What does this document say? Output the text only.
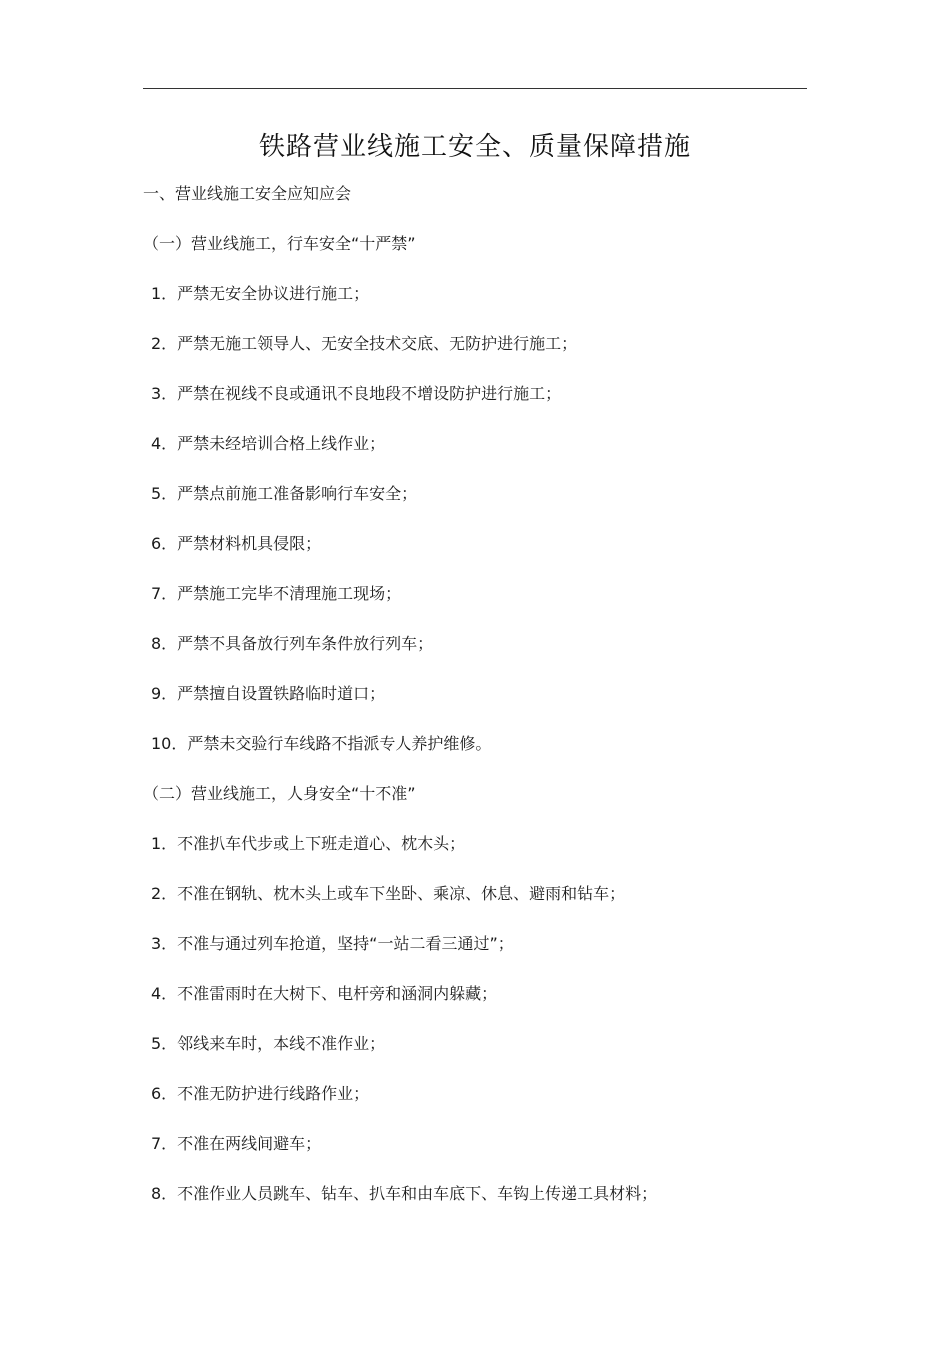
铁路营业线施工安全、质量保障措施
一、营业线施工安全应知应会
（一）营业线施工，行车安全“十严禁”
1．严禁无安全协议进行施工；
2．严禁无施工领导人、无安全技术交底、无防护进行施工；
3．严禁在视线不良或通讯不良地段不增设防护进行施工；
4．严禁未经培训合格上线作业；
5．严禁点前施工准备影响行车安全；
6．严禁材料机具侵限；
7．严禁施工完毕不清理施工现场；
8．严禁不具备放行列车条件放行列车；
9．严禁擅自设置铁路临时道口；
10．严禁未交验行车线路不指派专人养护维修。
（二）营业线施工，人身安全“十不准”
1．不准扒车代步或上下班走道心、枕木头；
2．不准在钢轨、枕木头上或车下坐卧、乘凉、休息、避雨和钻车；
3．不准与通过列车抢道，坚持“一站二看三通过”；
4．不准雷雨时在大树下、电杆旁和涵洞内躲藏；
5．邻线来车时，本线不准作业；
6．不准无防护进行线路作业；
7．不准在两线间避车；
8．不准作业人员跳车、钻车、扒车和由车底下、车钩上传递工具材料；
